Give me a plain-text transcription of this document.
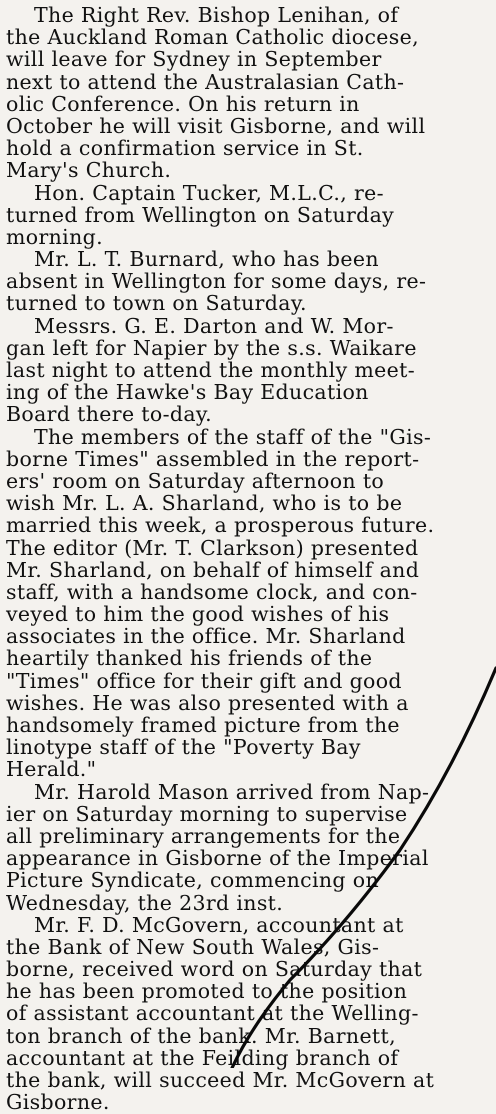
The Right Rev. Bishop Lenihan, of
the Auckland Roman Catholic diocese,
will leave for Sydney in September
next to attend the Australasian Cath-
olic Conference. On his return in
October he will visit Gisborne, and will
hold a confirmation service in St.
Mary's Church.

Hon. Captain Tucker, M.L.C., re-
turned from Wellington on Saturday
morning.

Mr. L. T. Burnard, who has been
absent in Wellington for some days, re-
turned to town on Saturday.

Messrs. G. E. Darton and W. Mor-
gan left for Napier by the s.s. Waikare
last night to attend the monthly meet-
ing of the Hawke's Bay Education
Board there to-day.

The members of the staff of the "Gis-
borne Times" assembled in the report-
ers' room on Saturday afternoon to
wish Mr. L. A. Sharland, who is to be
married this week, a prosperous future.
The editor (Mr. T. Clarkson) presented
Mr. Sharland, on behalf of himself and
staff, with a handsome clock, and con-
veyed to him the good wishes of his
associates in the office. Mr. Sharland
heartily thanked his friends of the
"Times" office for their gift and good
wishes. He was also presented with a
handsomely framed picture from the
linotype staff of the "Poverty Bay
Herald."

Mr. Harold Mason arrived from Nap-
ier on Saturday morning to supervise
all preliminary arrangements for the
appearance in Gisborne of the Imperial
Picture Syndicate, commencing on
Wednesday, the 23rd inst.

Mr. F. D. McGovern, accountant at
the Bank of New South Wales, Gis-
borne, received word on Saturday that
he has been promoted to the position
of assistant accountant at the Welling-
ton branch of the bank. Mr. Barnett,
accountant at the Feilding branch of
the bank, will succeed Mr. McGovern at
Gisborne.
